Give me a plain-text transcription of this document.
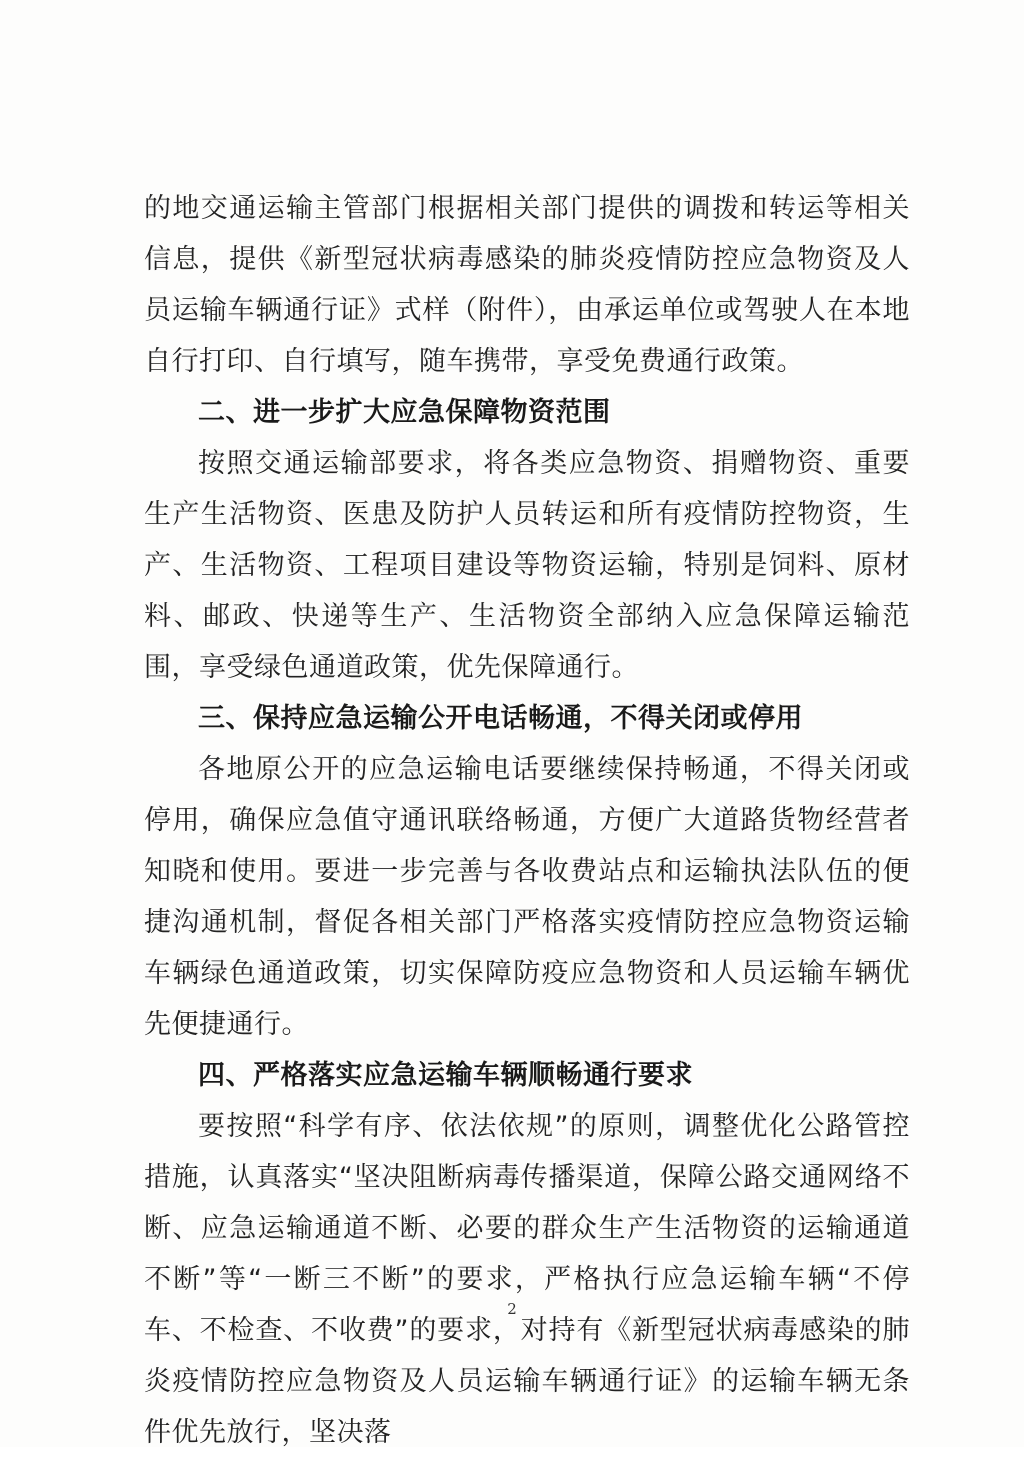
的地交通运输主管部门根据相关部门提供的调拨和转运等相关信息，提供《新型冠状病毒感染的肺炎疫情防控应急物资及人员运输车辆通行证》式样（附件），由承运单位或驾驶人在本地自行打印、自行填写，随车携带，享受免费通行政策。

二、进一步扩大应急保障物资范围

按照交通运输部要求，将各类应急物资、捐赠物资、重要生产生活物资、医患及防护人员转运和所有疫情防控物资，生产、生活物资、工程项目建设等物资运输，特别是饲料、原材料、邮政、快递等生产、生活物资全部纳入应急保障运输范围，享受绿色通道政策，优先保障通行。

三、保持应急运输公开电话畅通，不得关闭或停用

各地原公开的应急运输电话要继续保持畅通，不得关闭或停用，确保应急值守通讯联络畅通，方便广大道路货物经营者知晓和使用。要进一步完善与各收费站点和运输执法队伍的便捷沟通机制，督促各相关部门严格落实疫情防控应急物资运输车辆绿色通道政策，切实保障防疫应急物资和人员运输车辆优先便捷通行。

四、严格落实应急运输车辆顺畅通行要求

要按照“科学有序、依法依规”的原则，调整优化公路管控措施，认真落实“坚决阻断病毒传播渠道，保障公路交通网络不断、应急运输通道不断、必要的群众生产生活物资的运输通道不断”等“一断三不断”的要求，严格执行应急运输车辆“不停车、不检查、不收费”的要求，对持有《新型冠状病毒感染的肺炎疫情防控应急物资及人员运输车辆通行证》的运输车辆无条件优先放行，坚决落

2
